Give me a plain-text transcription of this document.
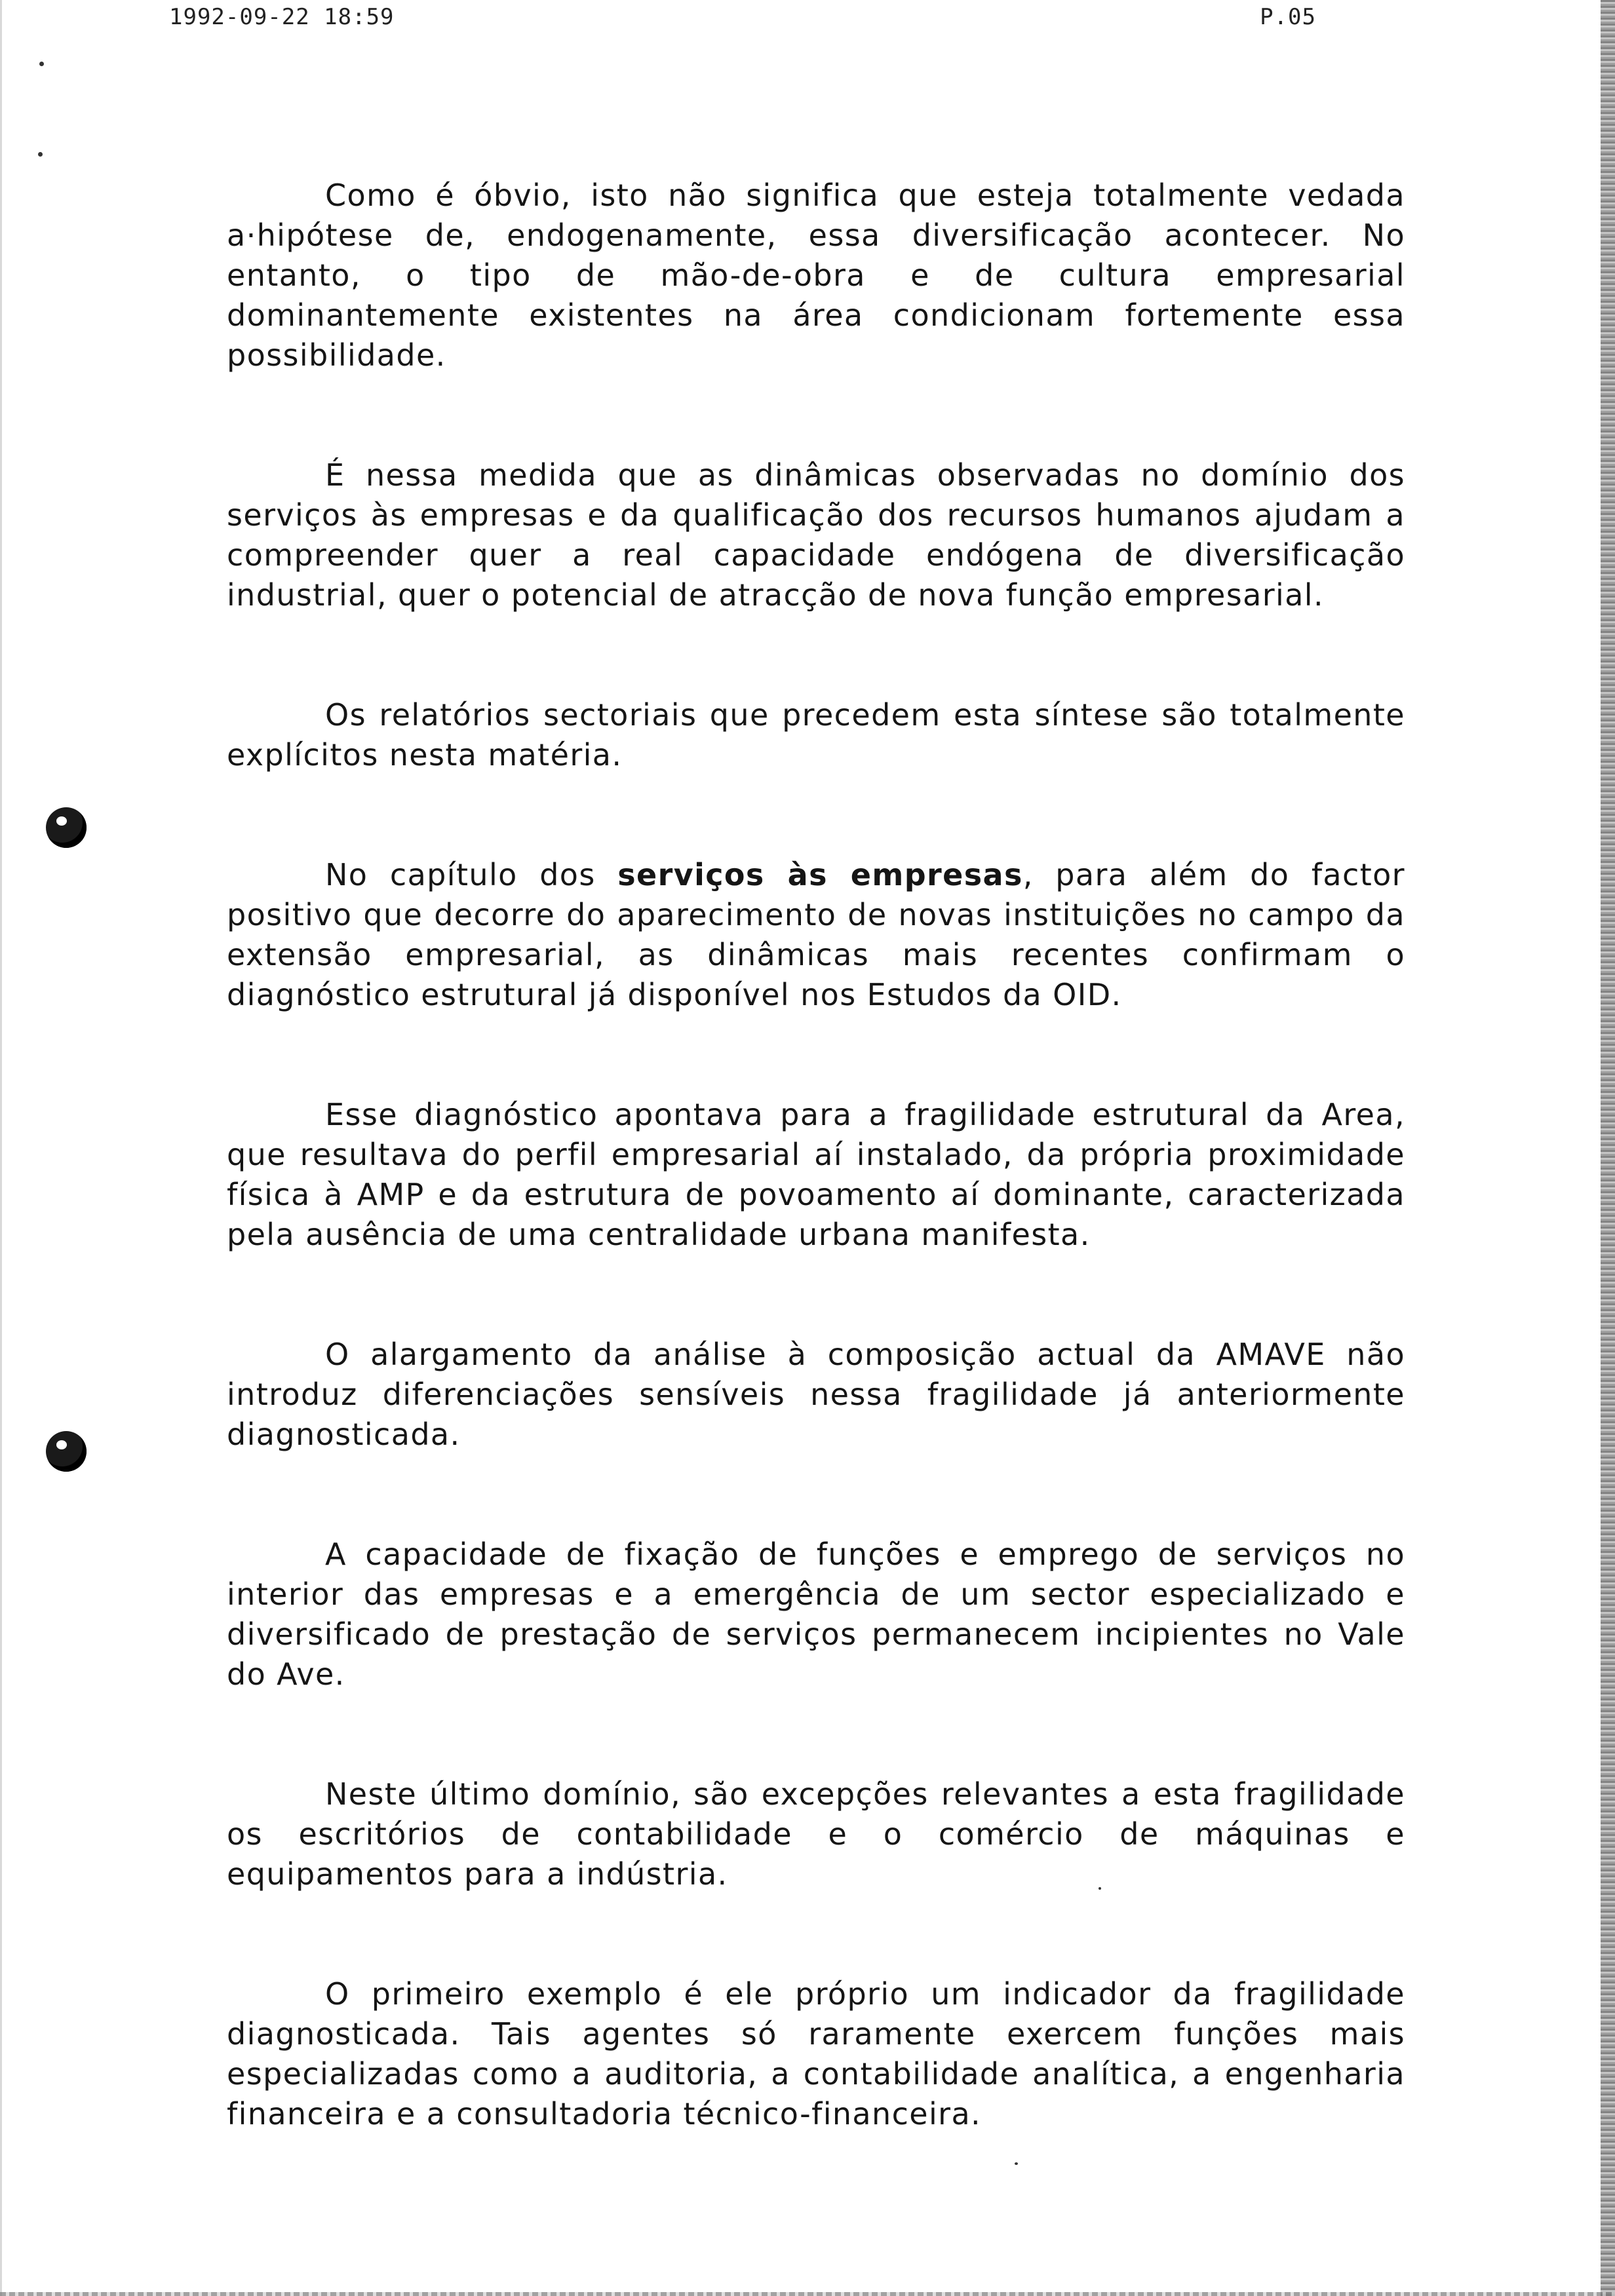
1992-09-22 18:59	P.05

Como é óbvio, isto não significa que esteja totalmente vedada a·hipótese de, endogenamente, essa diversificação acontecer. No entanto, o tipo de mão-de-obra e de cultura empresarial dominantemente existentes na área condicionam fortemente essa possibilidade.

É nessa medida que as dinâmicas observadas no domínio dos serviços às empresas e da qualificação dos recursos humanos ajudam a compreender quer a real capacidade endógena de diversificação industrial, quer o potencial de atracção de nova função empresarial.

Os relatórios sectoriais que precedem esta síntese são totalmente explícitos nesta matéria.

No capítulo dos serviços às empresas, para além do factor positivo que decorre do aparecimento de novas instituições no campo da extensão empresarial, as dinâmicas mais recentes confirmam o diagnóstico estrutural já disponível nos Estudos da OID.

Esse diagnóstico apontava para a fragilidade estrutural da Area, que resultava do perfil empresarial aí instalado, da própria proximidade física à AMP e da estrutura de povoamento aí dominante, caracterizada pela ausência de uma centralidade urbana manifesta.

O alargamento da análise à composição actual da AMAVE não introduz diferenciações sensíveis nessa fragilidade já anteriormente diagnosticada.

A capacidade de fixação de funções e emprego de serviços no interior das empresas e a emergência de um sector especializado e diversificado de prestação de serviços permanecem incipientes no Vale do Ave.

Neste último domínio, são excepções relevantes a esta fragilidade os escritórios de contabilidade e o comércio de máquinas e equipamentos para a indústria.

O primeiro exemplo é ele próprio um indicador da fragilidade diagnosticada. Tais agentes só raramente exercem funções mais especializadas como a auditoria, a contabilidade analítica, a engenharia financeira e a consultadoria técnico-financeira.
